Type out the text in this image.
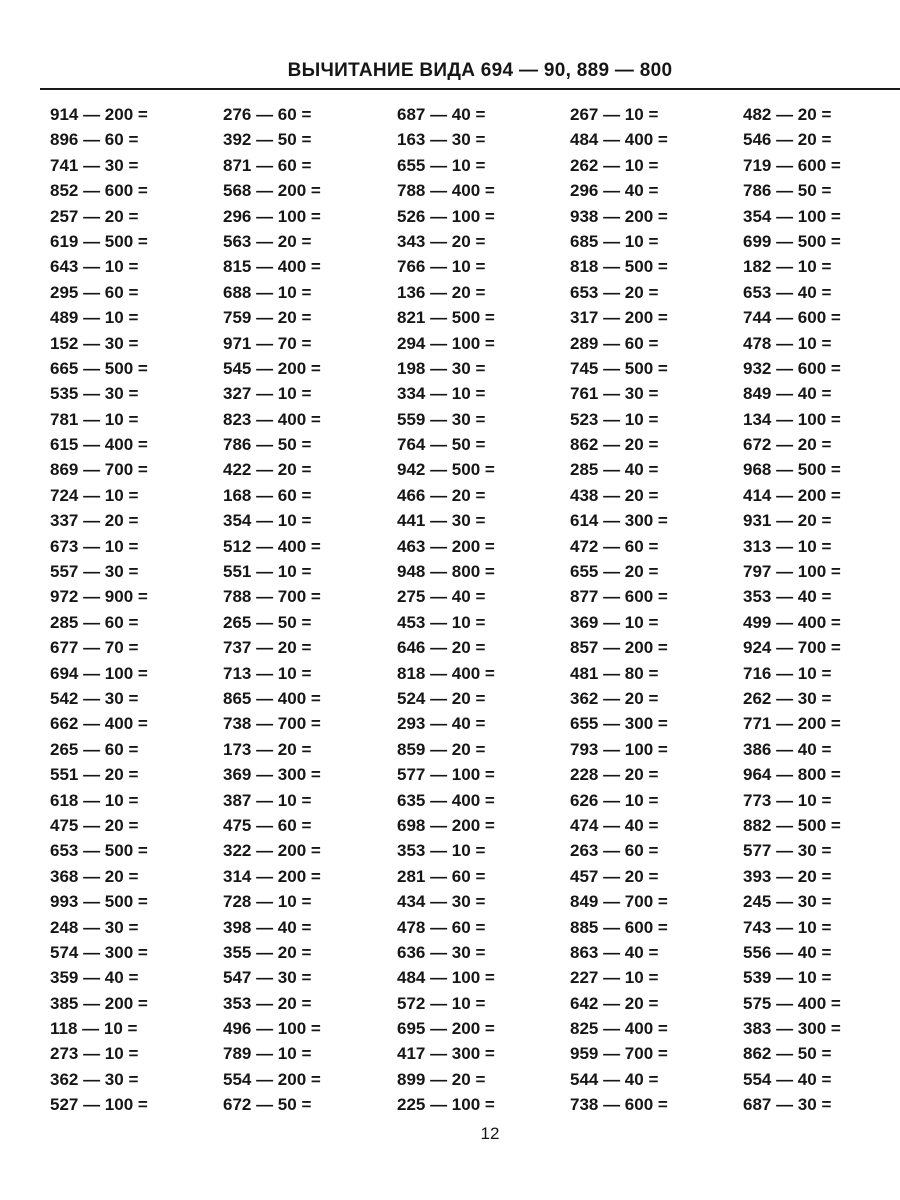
ВЫЧИТАНИЕ ВИДА 694 — 90, 889 — 800
914 — 200 =
896 — 60 =
741 — 30 =
852 — 600 =
257 — 20 =
619 — 500 =
643 — 10 =
295 — 60 =
489 — 10 =
152 — 30 =
665 — 500 =
535 — 30 =
781 — 10 =
615 — 400 =
869 — 700 =
724 — 10 =
337 — 20 =
673 — 10 =
557 — 30 =
972 — 900 =
285 — 60 =
677 — 70 =
694 — 100 =
542 — 30 =
662 — 400 =
265 — 60 =
551 — 20 =
618 — 10 =
475 — 20 =
653 — 500 =
368 — 20 =
993 — 500 =
248 — 30 =
574 — 300 =
359 — 40 =
385 — 200 =
118 — 10 =
273 — 10 =
362 — 30 =
527 — 100 =
276 — 60 =
392 — 50 =
871 — 60 =
568 — 200 =
296 — 100 =
563 — 20 =
815 — 400 =
688 — 10 =
759 — 20 =
971 — 70 =
545 — 200 =
327 — 10 =
823 — 400 =
786 — 50 =
422 — 20 =
168 — 60 =
354 — 10 =
512 — 400 =
551 — 10 =
788 — 700 =
265 — 50 =
737 — 20 =
713 — 10 =
865 — 400 =
738 — 700 =
173 — 20 =
369 — 300 =
387 — 10 =
475 — 60 =
322 — 200 =
314 — 200 =
728 — 10 =
398 — 40 =
355 — 20 =
547 — 30 =
353 — 20 =
496 — 100 =
789 — 10 =
554 — 200 =
672 — 50 =
687 — 40 =
163 — 30 =
655 — 10 =
788 — 400 =
526 — 100 =
343 — 20 =
766 — 10 =
136 — 20 =
821 — 500 =
294 — 100 =
198 — 30 =
334 — 10 =
559 — 30 =
764 — 50 =
942 — 500 =
466 — 20 =
441 — 30 =
463 — 200 =
948 — 800 =
275 — 40 =
453 — 10 =
646 — 20 =
818 — 400 =
524 — 20 =
293 — 40 =
859 — 20 =
577 — 100 =
635 — 400 =
698 — 200 =
353 — 10 =
281 — 60 =
434 — 30 =
478 — 60 =
636 — 30 =
484 — 100 =
572 — 10 =
695 — 200 =
417 — 300 =
899 — 20 =
225 — 100 =
267 — 10 =
484 — 400 =
262 — 10 =
296 — 40 =
938 — 200 =
685 — 10 =
818 — 500 =
653 — 20 =
317 — 200 =
289 — 60 =
745 — 500 =
761 — 30 =
523 — 10 =
862 — 20 =
285 — 40 =
438 — 20 =
614 — 300 =
472 — 60 =
655 — 20 =
877 — 600 =
369 — 10 =
857 — 200 =
481 — 80 =
362 — 20 =
655 — 300 =
793 — 100 =
228 — 20 =
626 — 10 =
474 — 40 =
263 — 60 =
457 — 20 =
849 — 700 =
885 — 600 =
863 — 40 =
227 — 10 =
642 — 20 =
825 — 400 =
959 — 700 =
544 — 40 =
738 — 600 =
482 — 20 =
546 — 20 =
719 — 600 =
786 — 50 =
354 — 100 =
699 — 500 =
182 — 10 =
653 — 40 =
744 — 600 =
478 — 10 =
932 — 600 =
849 — 40 =
134 — 100 =
672 — 20 =
968 — 500 =
414 — 200 =
931 — 20 =
313 — 10 =
797 — 100 =
353 — 40 =
499 — 400 =
924 — 700 =
716 — 10 =
262 — 30 =
771 — 200 =
386 — 40 =
964 — 800 =
773 — 10 =
882 — 500 =
577 — 30 =
393 — 20 =
245 — 30 =
743 — 10 =
556 — 40 =
539 — 10 =
575 — 400 =
383 — 300 =
862 — 50 =
554 — 40 =
687 — 30 =
12
